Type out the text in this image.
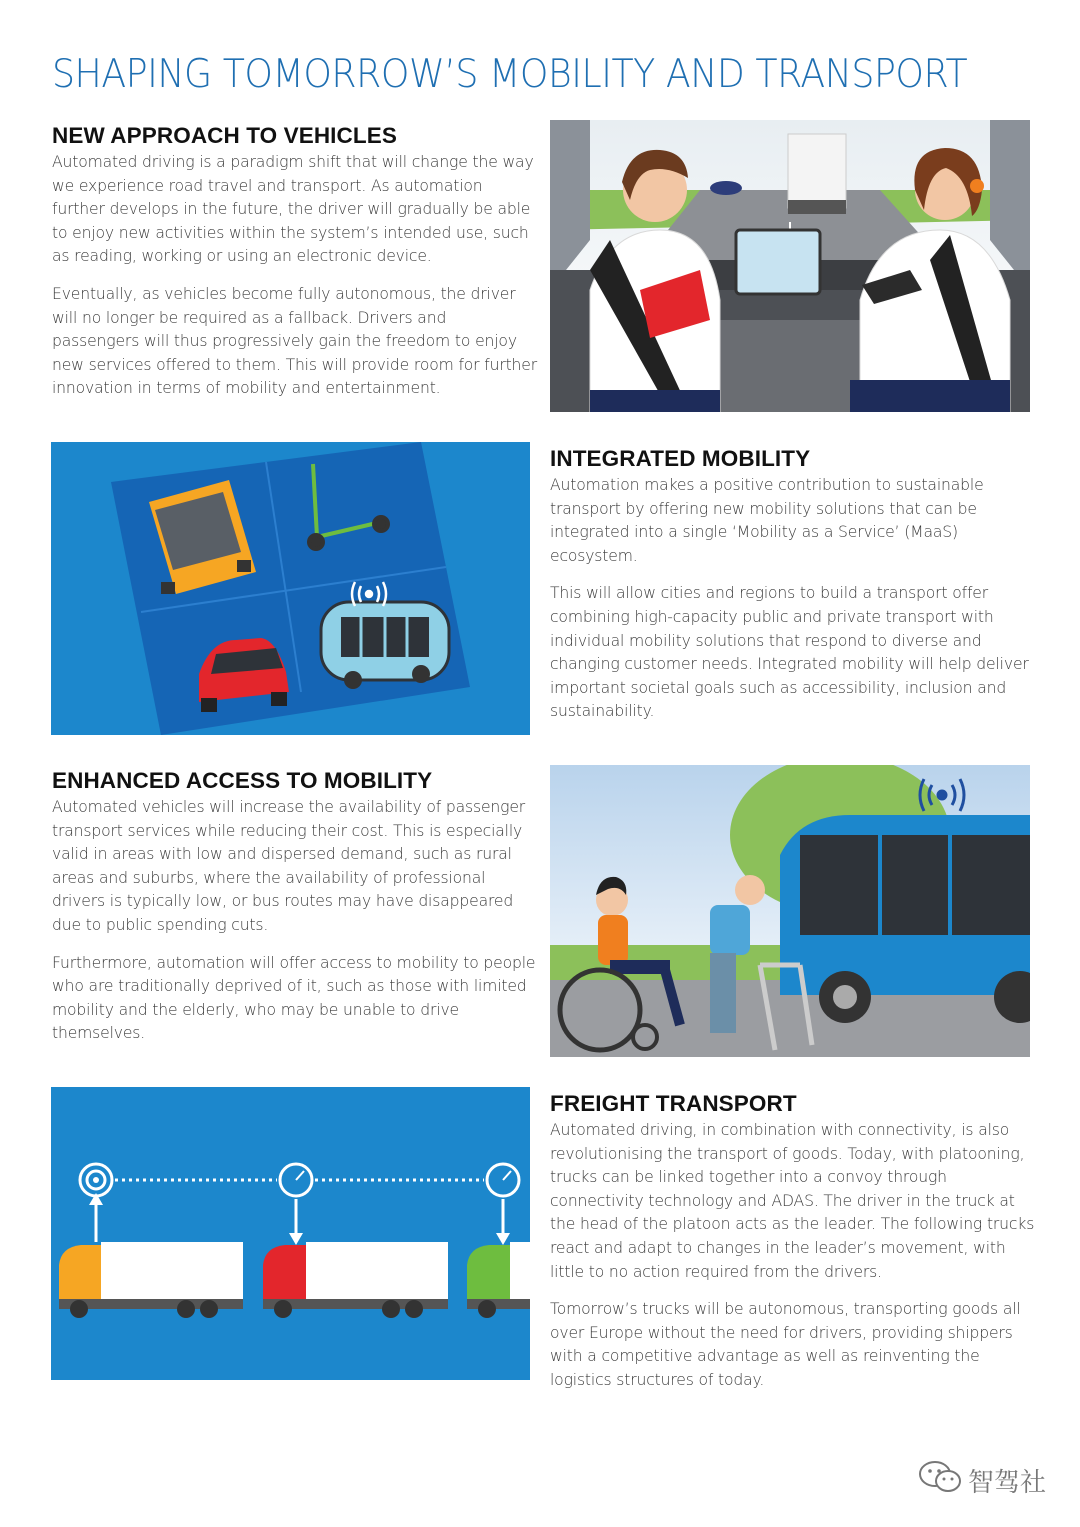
SHAPING TOMORROW’S MOBILITY AND TRANSPORT
NEW APPROACH TO VEHICLES

Automated driving is a paradigm shift that will change the way we experience road travel and transport. As automation further develops in the future, the driver will gradually be able to enjoy new activities within the system’s intended use, such as reading, working or using an electronic device.

Eventually, as vehicles become fully autonomous, the driver will no longer be required as a fallback. Drivers and passengers will thus progressively gain the freedom to enjoy new services offered to them. This will provide room for further innovation in terms of mobility and entertainment.

INTEGRATED MOBILITY

Automation makes a positive contribution to sustainable transport by offering new mobility solutions that can be integrated into a single ‘Mobility as a Service’ (MaaS) ecosystem.

This will allow cities and regions to build a transport offer combining high-capacity public and private transport with individual mobility solutions that respond to diverse and changing customer needs. Integrated mobility will help deliver important societal goals such as accessibility, inclusion and sustainability.

ENHANCED ACCESS TO MOBILITY

Automated vehicles will increase the availability of passenger transport services while reducing their cost. This is especially valid in areas with low and dispersed demand, such as rural areas and suburbs, where the availability of professional drivers is typically low, or bus routes may have disappeared due to public spending cuts.

Furthermore, automation will offer access to mobility to people who are traditionally deprived of it, such as those with limited mobility and the elderly, who may be unable to drive themselves.

FREIGHT TRANSPORT

Automated driving, in combination with connectivity, is also revolutionising the transport of goods. Today, with platooning, trucks can be linked together into a convoy through connectivity technology and ADAS. The driver in the truck at the head of the platoon acts as the leader. The following trucks react and adapt to changes in the leader’s movement, with little to no action required from the drivers.

Tomorrow’s trucks will be autonomous, transporting goods all over Europe without the need for drivers, providing shippers with a competitive advantage as well as reinventing the logistics structures of today.

智驾社
